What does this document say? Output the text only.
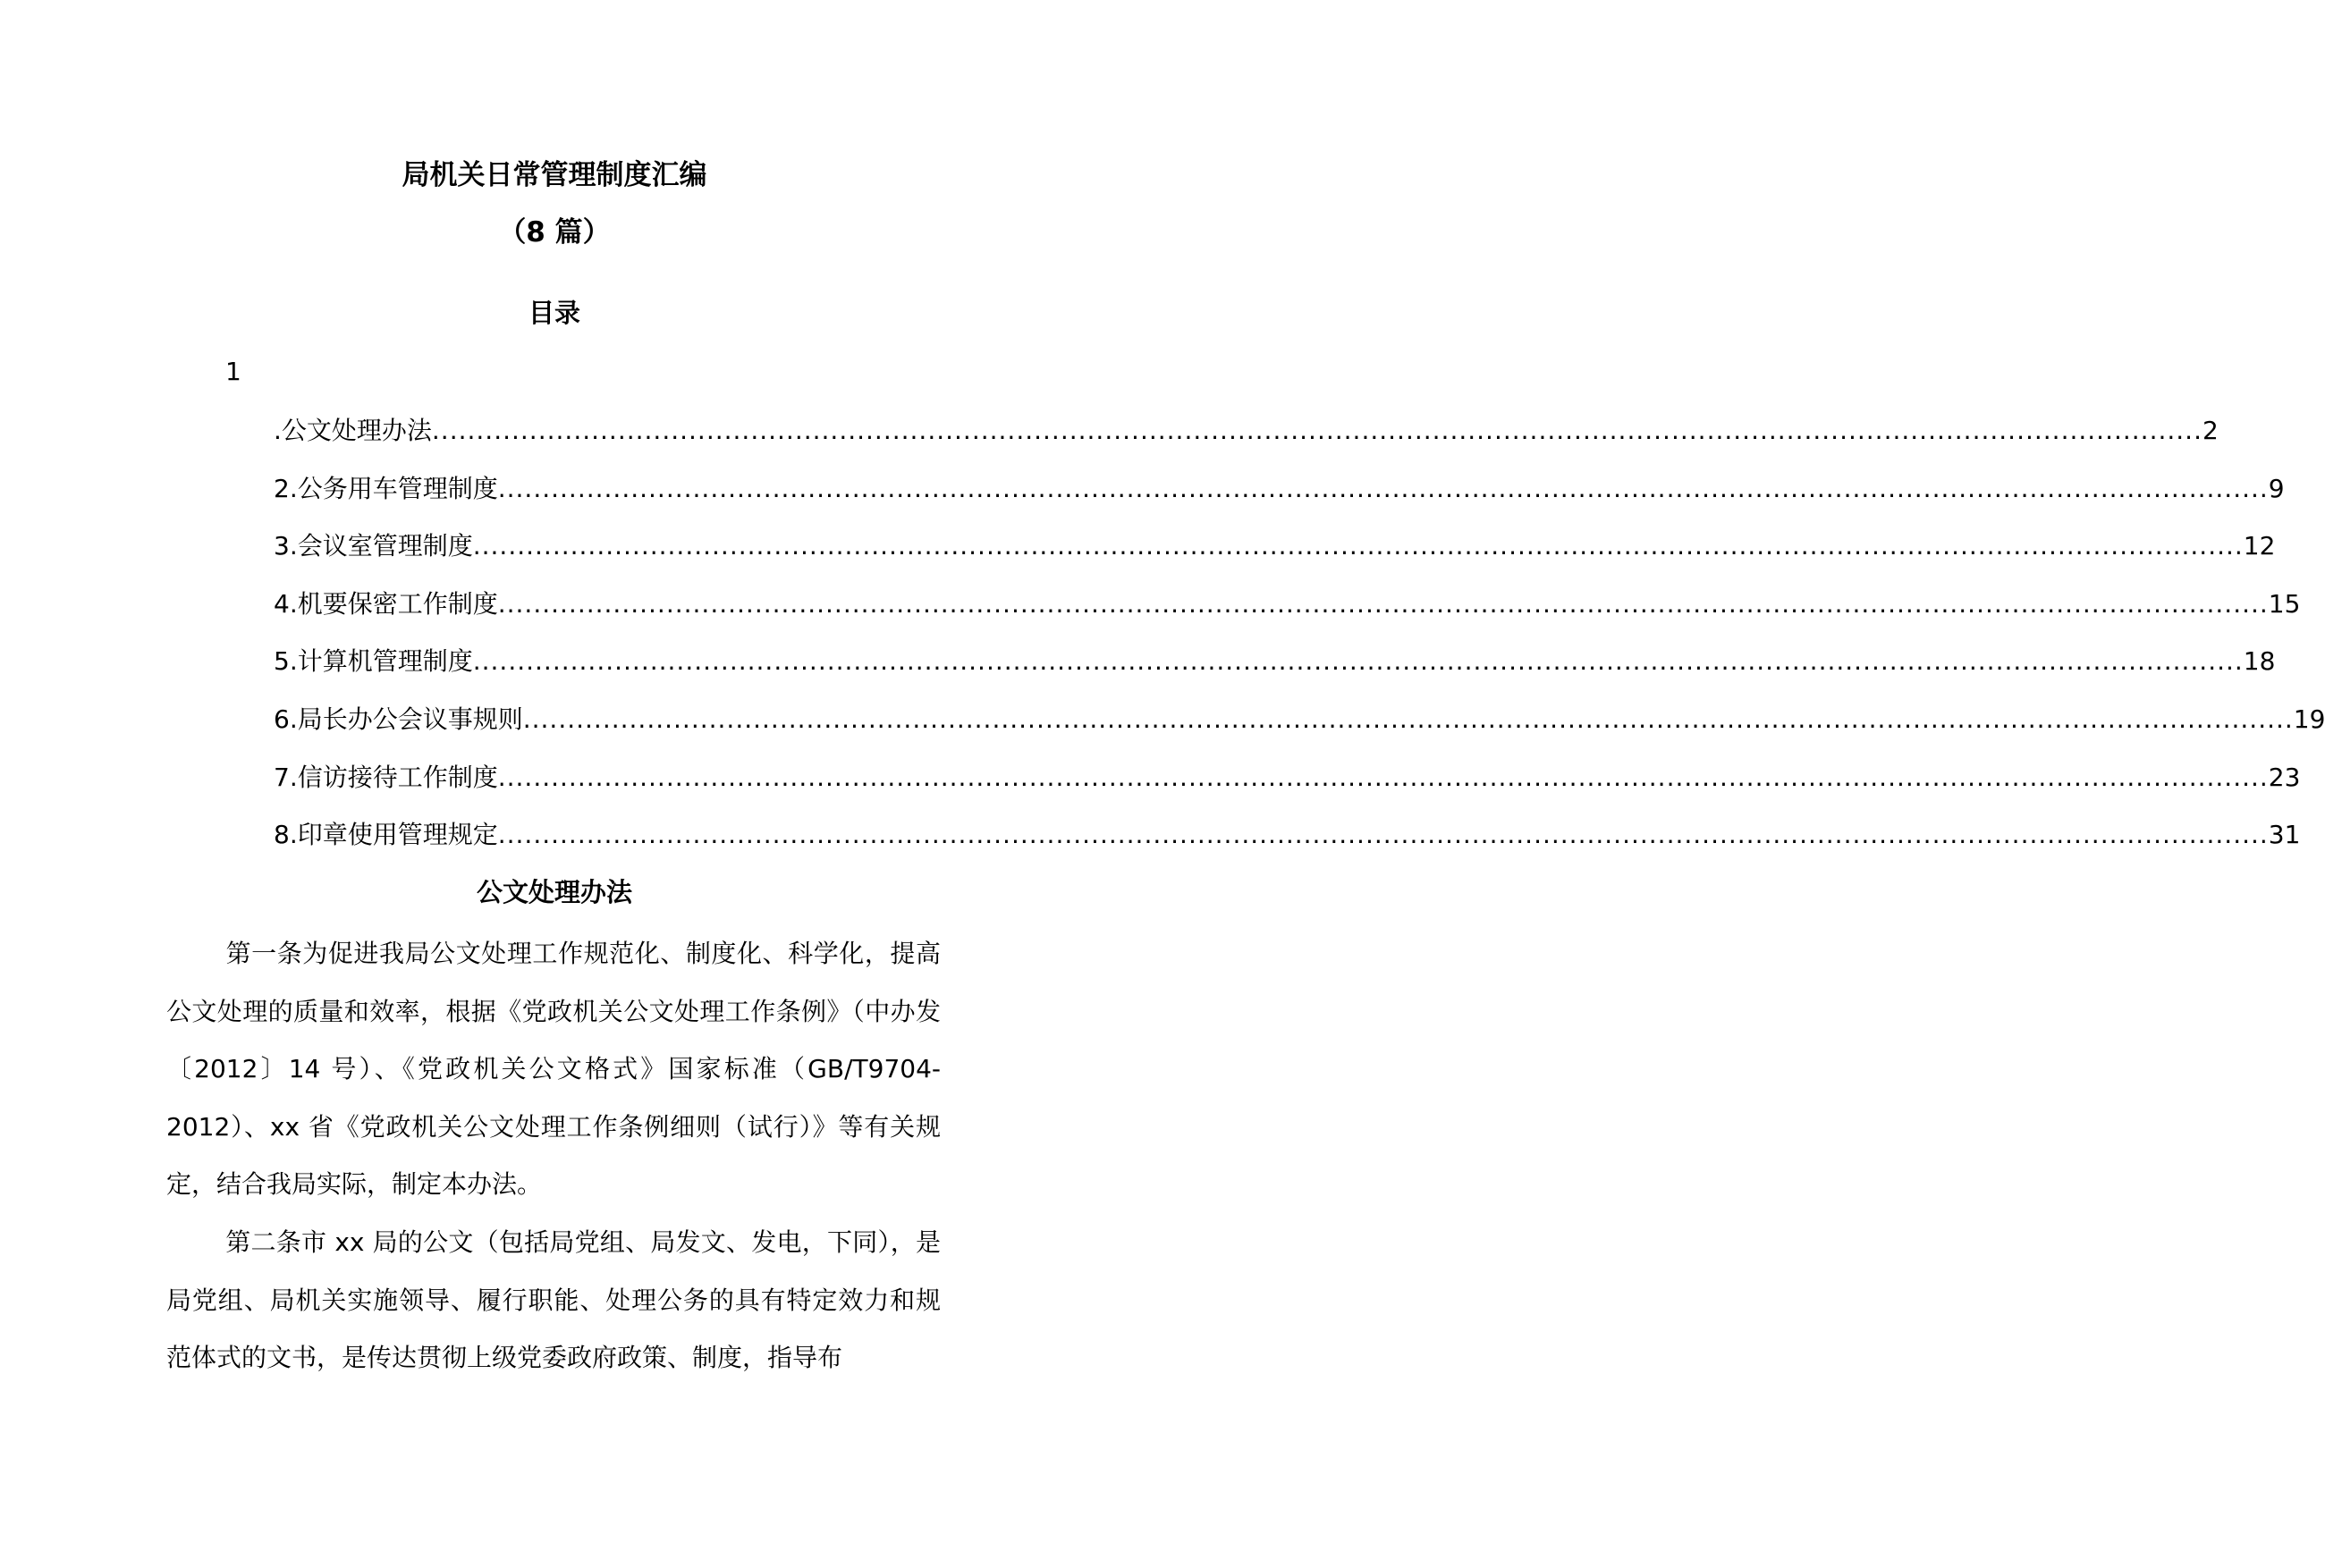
局机关日常管理制度汇编
（8 篇）
目录
1
.公文处理办法 ........................................................................................................................................................................................................ 2
2.公务用车管理制度 ........................................................................................................................................................................................................ 9
3.会议室管理制度 ........................................................................................................................................................................................................ 12
4.机要保密工作制度 ........................................................................................................................................................................................................ 15
5.计算机管理制度 ........................................................................................................................................................................................................ 18
6.局长办公会议事规则 ........................................................................................................................................................................................................ 19
7.信访接待工作制度 ........................................................................................................................................................................................................ 23
8.印章使用管理规定 ........................................................................................................................................................................................................ 31
公文处理办法
第一条为促进我局公文处理工作规范化、制度化、科学化，提高公文处理的质量和效率，根据《党政机关公文处理工作条例》（中办发〔2012〕14 号）、《党政机关公文格式》国家标准（GB/T9704-2012）、xx 省《党政机关公文处理工作条例细则（试行）》等有关规定，结合我局实际，制定本办法。
第二条市 xx 局的公文（包括局党组、局发文、发电，下同），是局党组、局机关实施领导、履行职能、处理公务的具有特定效力和规范体式的文书，是传达贯彻上级党委政府政策、制度，指导布
